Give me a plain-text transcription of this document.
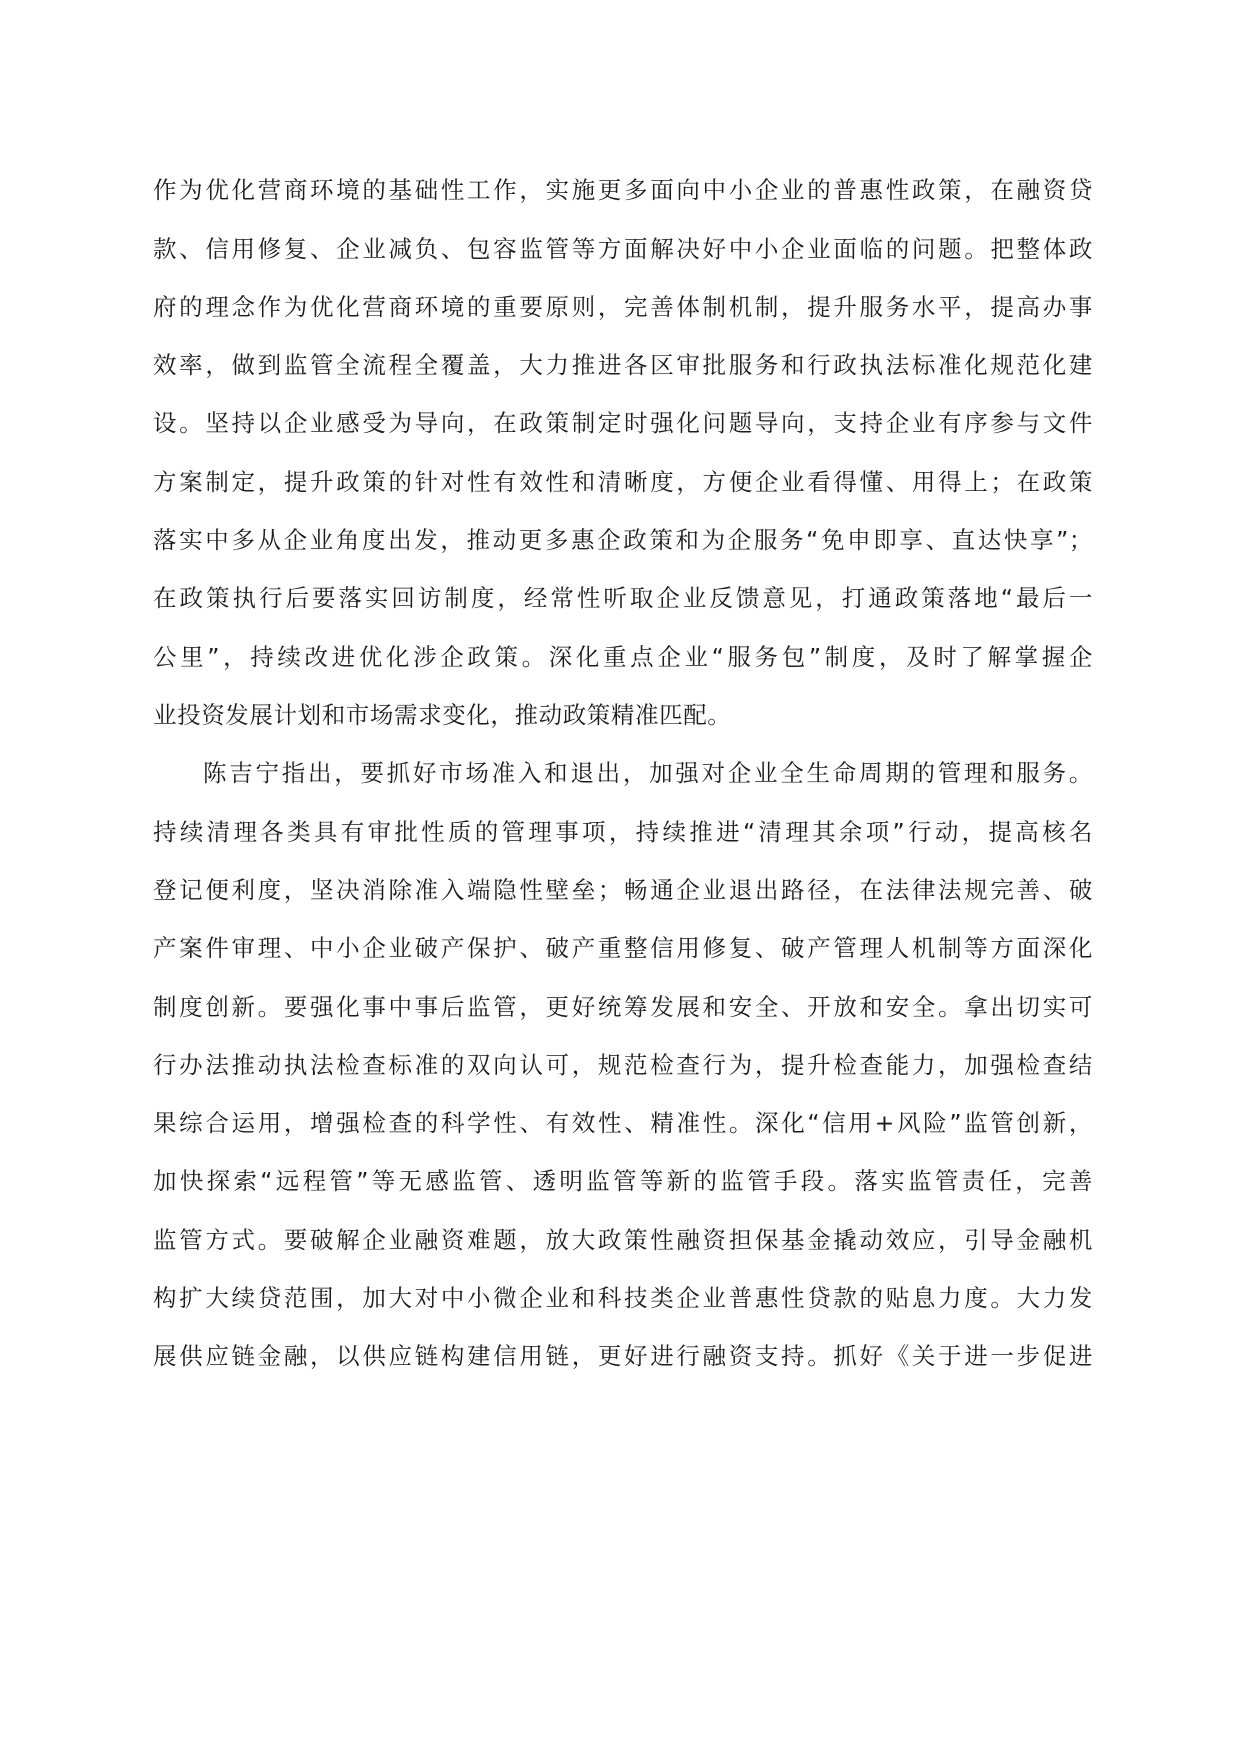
作为优化营商环境的基础性工作，实施更多面向中小企业的普惠性政策，在融资贷
款、信用修复、企业减负、包容监管等方面解决好中小企业面临的问题。把整体政
府的理念作为优化营商环境的重要原则，完善体制机制，提升服务水平，提高办事
效率，做到监管全流程全覆盖，大力推进各区审批服务和行政执法标准化规范化建
设。坚持以企业感受为导向，在政策制定时强化问题导向，支持企业有序参与文件
方案制定，提升政策的针对性有效性和清晰度，方便企业看得懂、用得上；在政策
落实中多从企业角度出发，推动更多惠企政策和为企服务“免申即享、直达快享”；
在政策执行后要落实回访制度，经常性听取企业反馈意见，打通政策落地“最后一
公里”，持续改进优化涉企政策。深化重点企业“服务包”制度，及时了解掌握企
业投资发展计划和市场需求变化，推动政策精准匹配。
陈吉宁指出，要抓好市场准入和退出，加强对企业全生命周期的管理和服务。
持续清理各类具有审批性质的管理事项，持续推进“清理其余项”行动，提高核名
登记便利度，坚决消除准入端隐性壁垒；畅通企业退出路径，在法律法规完善、破
产案件审理、中小企业破产保护、破产重整信用修复、破产管理人机制等方面深化
制度创新。要强化事中事后监管，更好统筹发展和安全、开放和安全。拿出切实可
行办法推动执法检查标准的双向认可，规范检查行为，提升检查能力，加强检查结
果综合运用，增强检查的科学性、有效性、精准性。深化“信用+风险”监管创新，
加快探索“远程管”等无感监管、透明监管等新的监管手段。落实监管责任，完善
监管方式。要破解企业融资难题，放大政策性融资担保基金撬动效应，引导金融机
构扩大续贷范围，加大对中小微企业和科技类企业普惠性贷款的贴息力度。大力发
展供应链金融，以供应链构建信用链，更好进行融资支持。抓好《关于进一步促进
